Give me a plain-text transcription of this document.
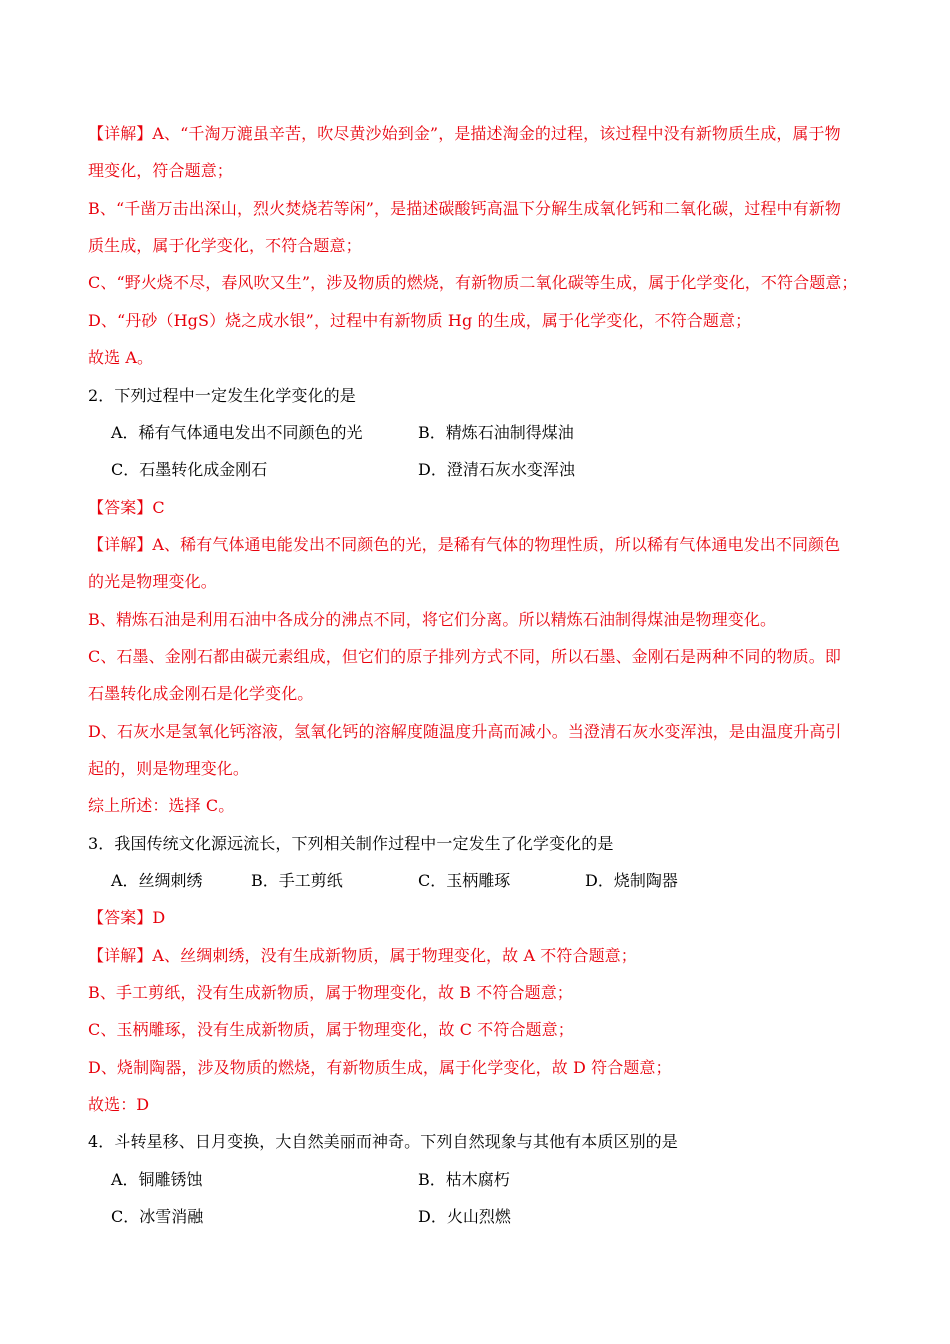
【详解】A、“千淘万漉虽辛苦，吹尽黄沙始到金”，是描述淘金的过程，该过程中没有新物质生成，属于物
理变化，符合题意；
B、“千凿万击出深山，烈火焚烧若等闲”，是描述碳酸钙高温下分解生成氧化钙和二氧化碳，过程中有新物
质生成，属于化学变化，不符合题意；
C、“野火烧不尽，春风吹又生”，涉及物质的燃烧，有新物质二氧化碳等生成，属于化学变化，不符合题意；
D、“丹砂（HgS）烧之成水银”，过程中有新物质 Hg 的生成，属于化学变化，不符合题意；
故选 A。
2．下列过程中一定发生化学变化的是
A．稀有气体通电发出不同颜色的光	B．精炼石油制得煤油
C．石墨转化成金刚石	D．澄清石灰水变浑浊
【答案】C
【详解】A、稀有气体通电能发出不同颜色的光，是稀有气体的物理性质，所以稀有气体通电发出不同颜色
的光是物理变化。
B、精炼石油是利用石油中各成分的沸点不同，将它们分离。所以精炼石油制得煤油是物理变化。
C、石墨、金刚石都由碳元素组成，但它们的原子排列方式不同，所以石墨、金刚石是两种不同的物质。即
石墨转化成金刚石是化学变化。
D、石灰水是氢氧化钙溶液，氢氧化钙的溶解度随温度升高而减小。当澄清石灰水变浑浊，是由温度升高引
起的，则是物理变化。
综上所述：选择 C。
3．我国传统文化源远流长，下列相关制作过程中一定发生了化学变化的是
A．丝绸刺绣	B．手工剪纸	C．玉柄雕琢	D．烧制陶器
【答案】D
【详解】A、丝绸刺绣，没有生成新物质，属于物理变化，故 A 不符合题意；
B、手工剪纸，没有生成新物质，属于物理变化，故 B 不符合题意；
C、玉柄雕琢，没有生成新物质，属于物理变化，故 C 不符合题意；
D、烧制陶器，涉及物质的燃烧，有新物质生成，属于化学变化，故 D 符合题意；
故选：D
4．斗转星移、日月变换，大自然美丽而神奇。下列自然现象与其他有本质区别的是
A．铜雕锈蚀	B．枯木腐朽
C．冰雪消融	D．火山烈燃
